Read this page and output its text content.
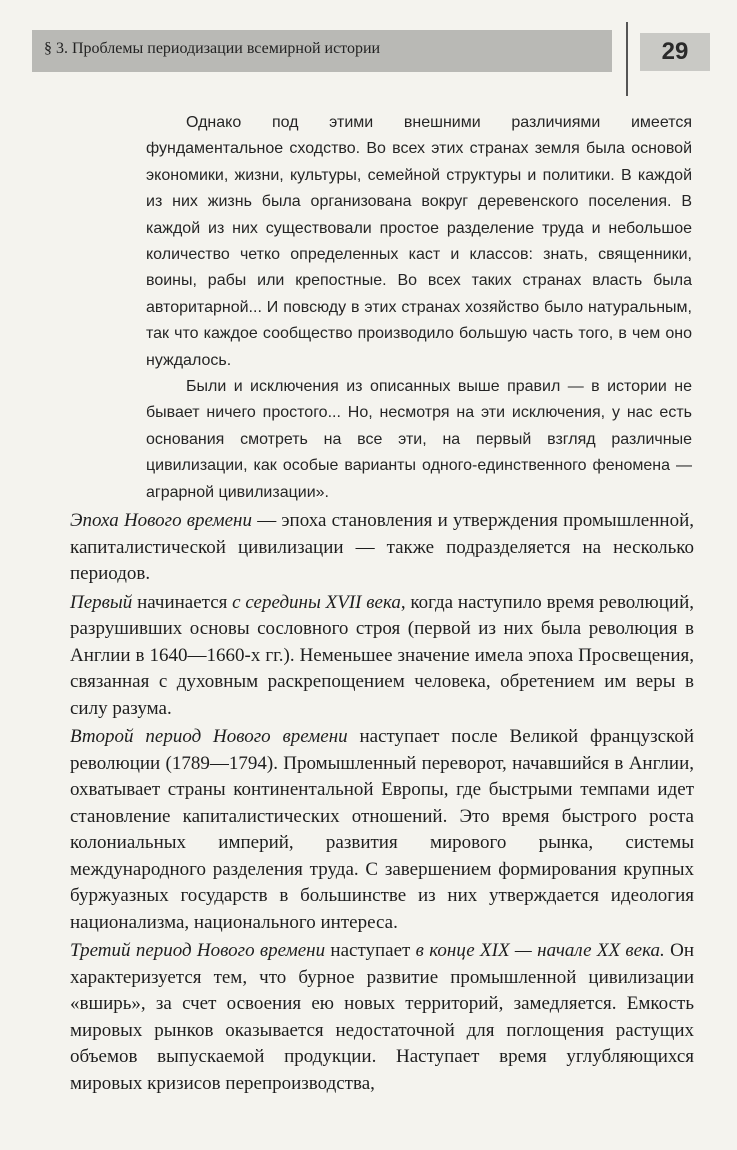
§ 3. Проблемы периодизации всемирной истории	29

Однако под этими внешними различиями имеется фундаментальное сходство. Во всех этих странах земля была основой экономики, жизни, культуры, семейной структуры и политики. В каждой из них жизнь была организована вокруг деревенского поселения. В каждой из них существовали простое разделение труда и небольшое количество четко определенных каст и классов: знать, священники, воины, рабы или крепостные. Во всех таких странах власть была авторитарной... И повсюду в этих странах хозяйство было натуральным, так что каждое сообщество производило большую часть того, в чем оно нуждалось.

Были и исключения из описанных выше правил — в истории не бывает ничего простого... Но, несмотря на эти исключения, у нас есть основания смотреть на все эти, на первый взгляд различные цивилизации, как особые варианты одного-единственного феномена — аграрной цивилизации».

Эпоха Нового времени — эпоха становления и утверждения промышленной, капиталистической цивилизации — также подразделяется на несколько периодов.

Первый начинается с середины XVII века, когда наступило время революций, разрушивших основы сословного строя (первой из них была революция в Англии в 1640—1660-х гг.). Неменьшее значение имела эпоха Просвещения, связанная с духовным раскрепощением человека, обретением им веры в силу разума.

Второй период Нового времени наступает после Великой французской революции (1789—1794). Промышленный переворот, начавшийся в Англии, охватывает страны континентальной Европы, где быстрыми темпами идет становление капиталистических отношений. Это время быстрого роста колониальных империй, развития мирового рынка, системы международного разделения труда. С завершением формирования крупных буржуазных государств в большинстве из них утверждается идеология национализма, национального интереса.

Третий период Нового времени наступает в конце XIX — начале XX века. Он характеризуется тем, что бурное развитие промышленной цивилизации «вширь», за счет освоения ею новых территорий, замедляется. Емкость мировых рынков оказывается недостаточной для поглощения растущих объемов выпускаемой продукции. Наступает время углубляющихся мировых кризисов перепроизводства,
